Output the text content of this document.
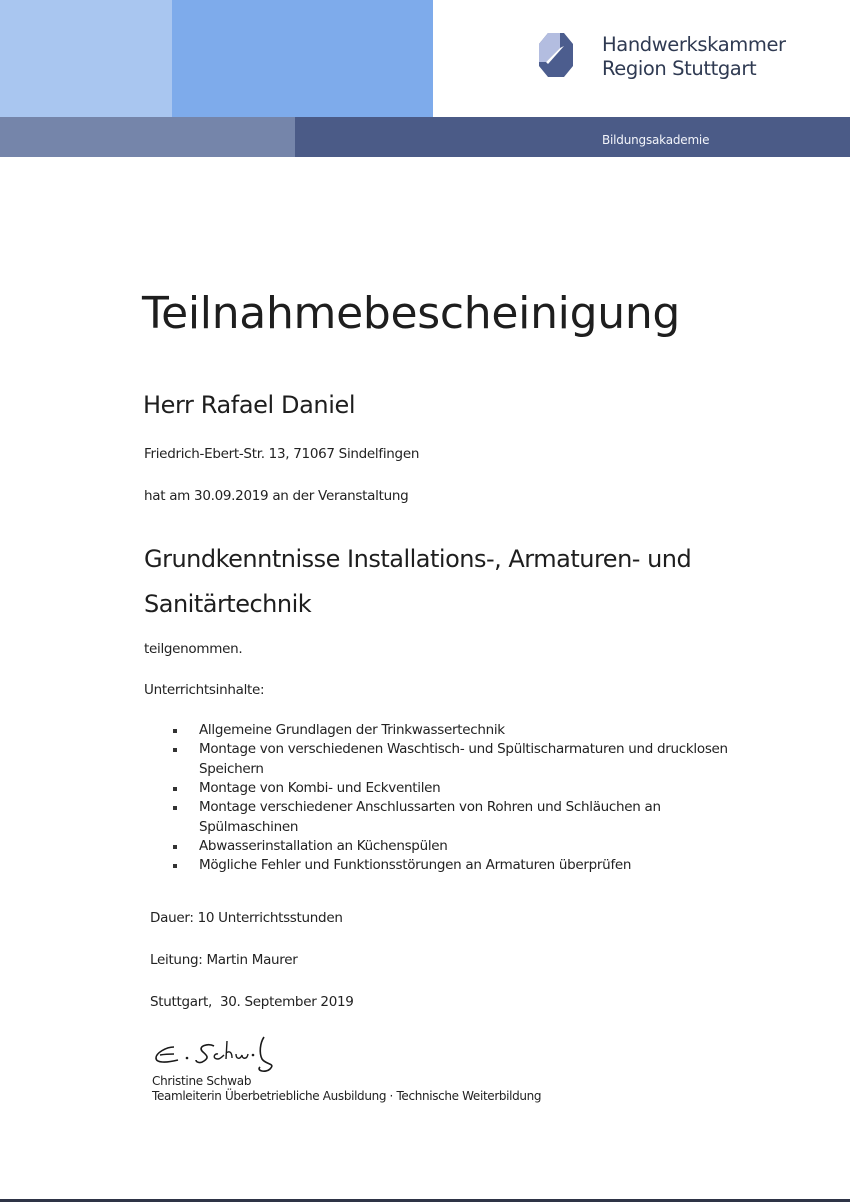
Bildungsakademie
Handwerkskammer
Region Stuttgart
Teilnahmebescheinigung
Herr Rafael Daniel
Friedrich-Ebert-Str. 13, 71067 Sindelfingen
hat am 30.09.2019 an der Veranstaltung
Grundkenntnisse Installations-, Armaturen- und Sanitärtechnik
teilgenommen.
Unterrichtsinhalte:
Allgemeine Grundlagen der Trinkwassertechnik
Montage von verschiedenen Waschtisch- und Spültischarmaturen und drucklosen Speichern
Montage von Kombi- und Eckventilen
Montage verschiedener Anschlussarten von Rohren und Schläuchen an Spülmaschinen
Abwasserinstallation an Küchenspülen
Mögliche Fehler und Funktionsstörungen an Armaturen überprüfen
Dauer: 10 Unterrichtsstunden
Leitung: Martin Maurer
Stuttgart,  30. September 2019
Christine Schwab
Teamleiterin Überbetriebliche Ausbildung · Technische Weiterbildung
